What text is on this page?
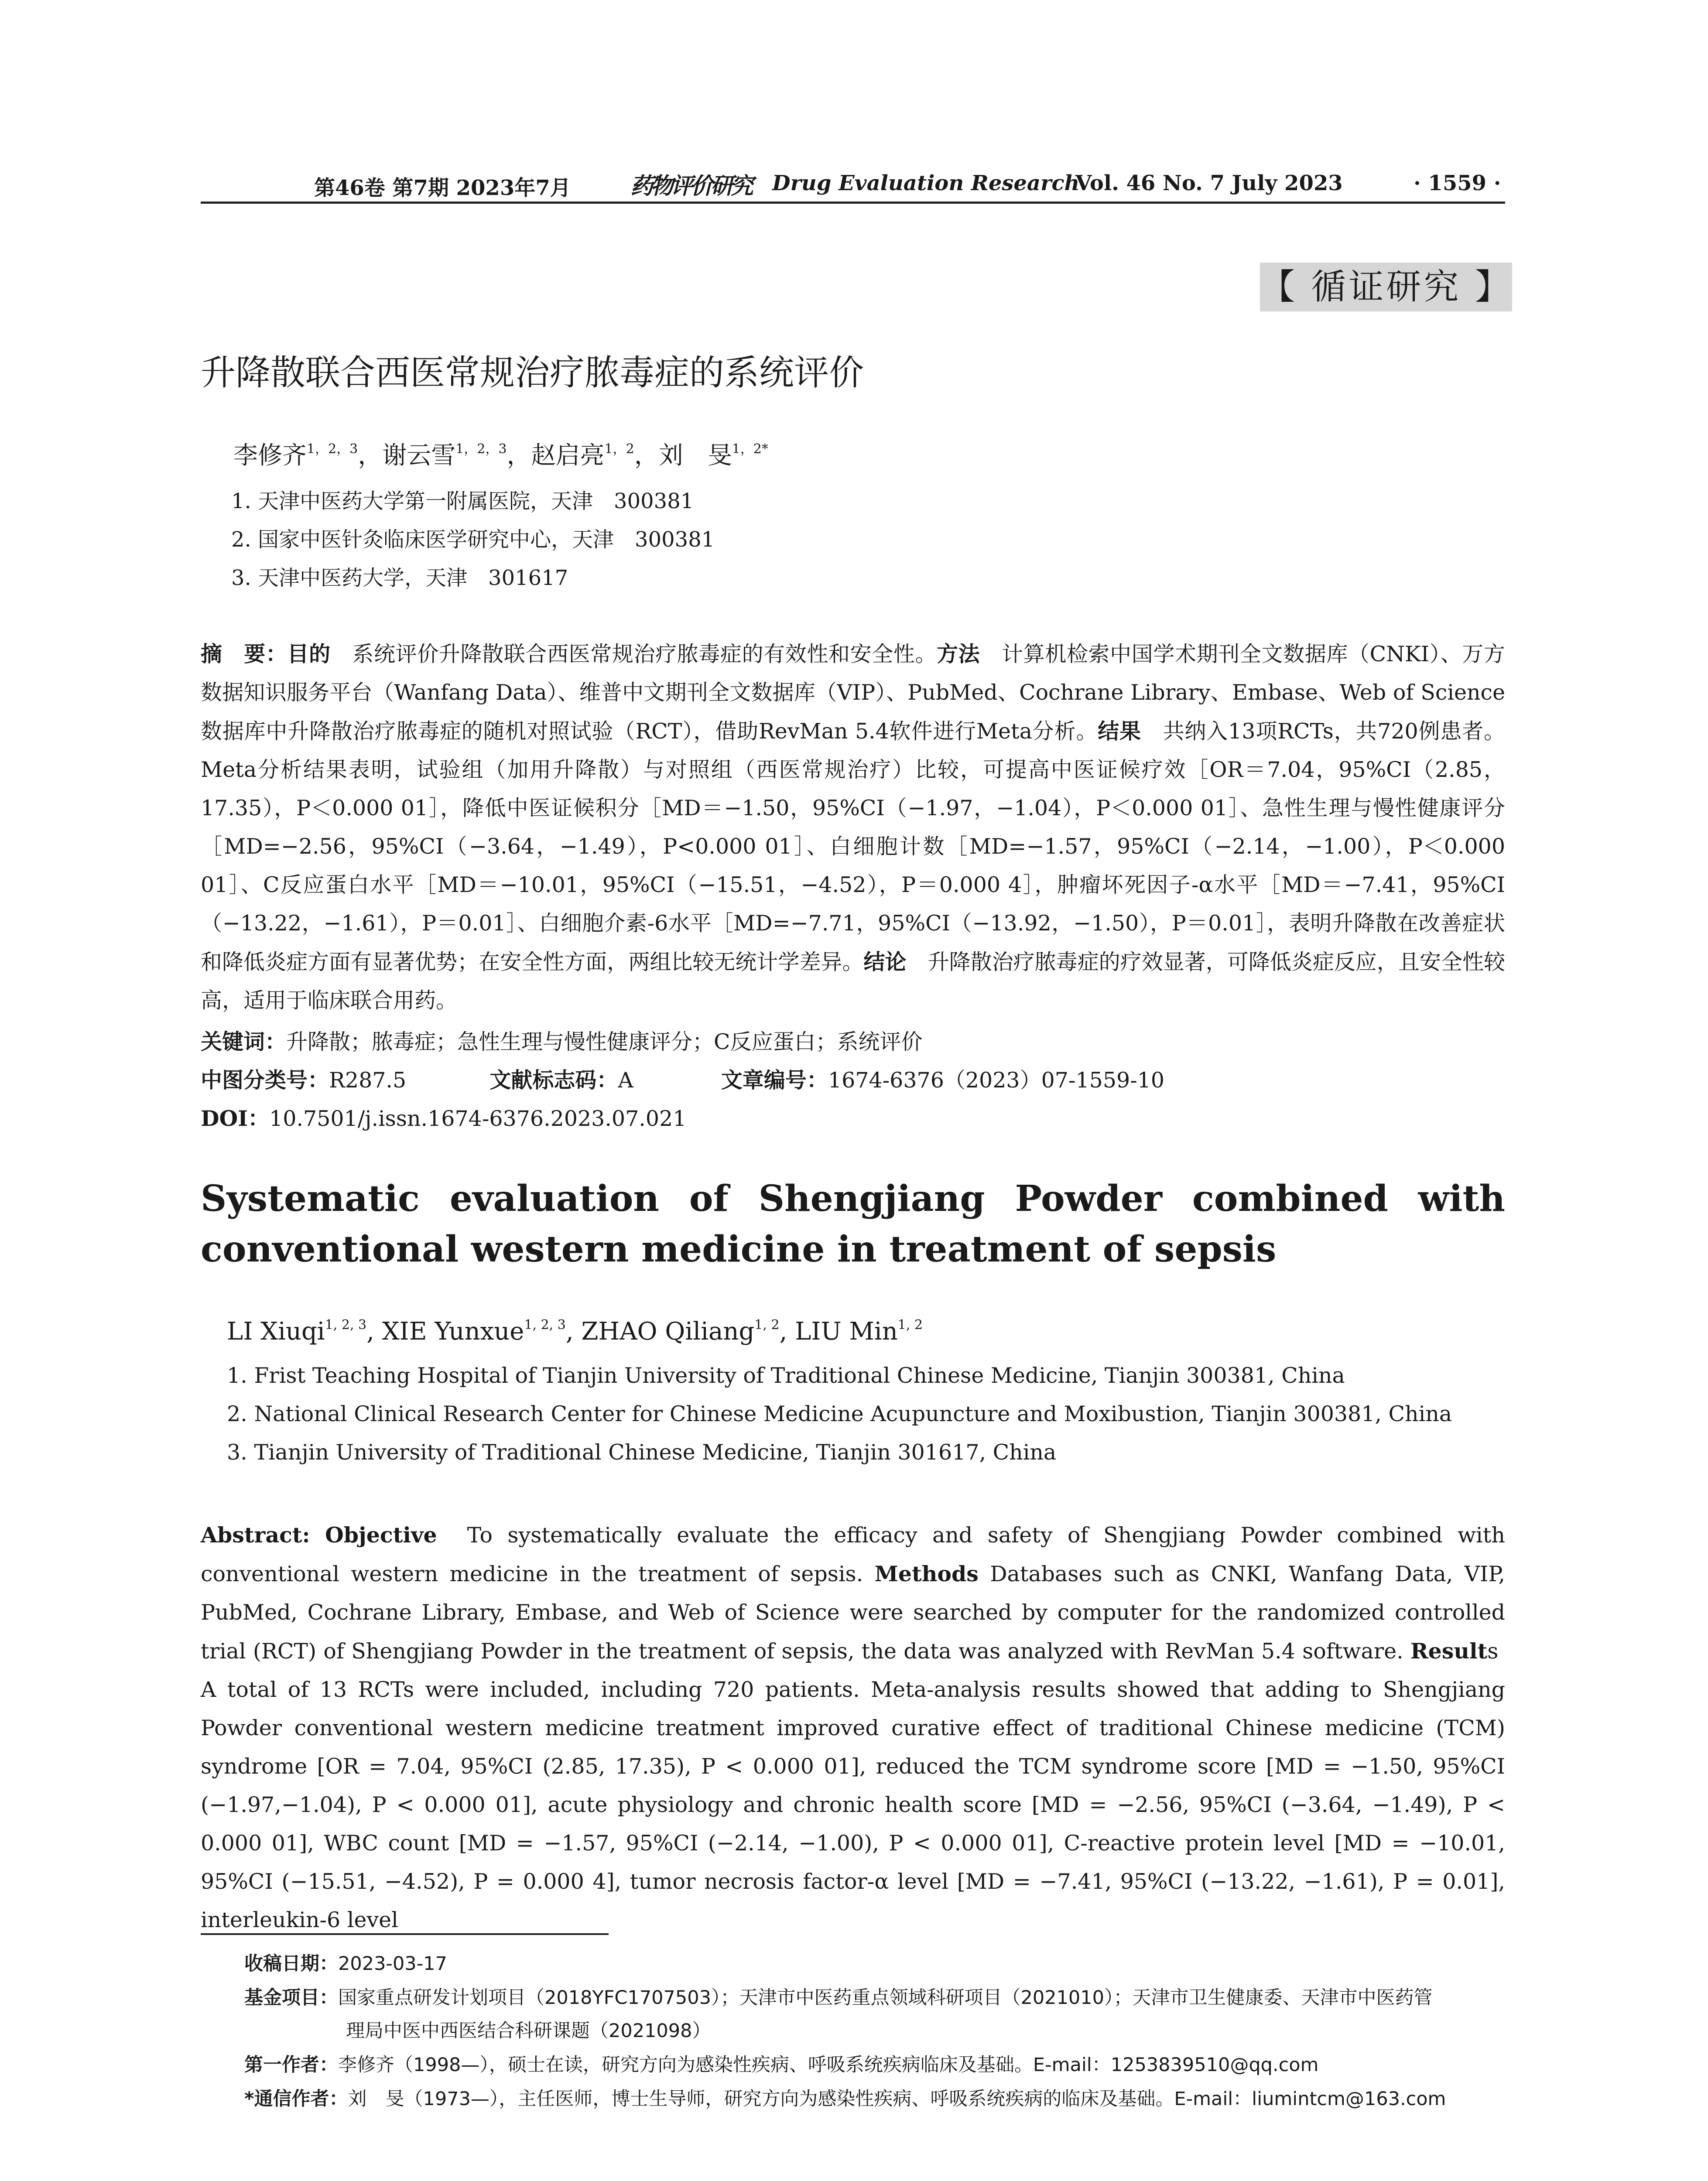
第46卷 第7期 2023年7月	药物评价研究 Drug Evaluation Research
Vol. 46 No. 7 July 2023	· 1559 ·
【 循证研究 】
升降散联合西医常规治疗脓毒症的系统评价
李修齐$^{1,2,3}$，谢云雪$^{1,2,3}$，赵启亮$^{1,2}$，刘　旻$^{1,2*}$
1. 天津中医药大学第一附属医院，天津　300381
2. 国家中医针灸临床医学研究中心，天津　300381
3. 天津中医药大学，天津　301617

摘　要：目的　 系统评价升降散联合西医常规治疗脓毒症的有效性和安全性。方法　 计算机检索中国学术期刊全文数据库（CNKI）、万方数据知识服务平台（Wanfang Data）、维普中文期刊全文数据库（VIP）、PubMed、Cochrane Library、Embase、Web of Science数据库中升降散治疗脓毒症的随机对照试验（RCT），借助RevMan 5.4软件进行Meta分析。结果　 共纳入13项RCTs，共720例患者。Meta分析结果表明，试验组（加用升降散）与对照组（西医常规治疗）比较，可提高中医证候疗效［OR＝7.04，95%CI（2.85，17.35），P＜0.000 01］，降低中医证候积分［MD＝−1.50，95%CI（−1.97，−1.04），P＜0.000 01］、急性生理与慢性健康评分［MD=−2.56，95%CI（−3.64，−1.49），P<0.000 01］、白细胞计数［MD=−1.57，95%CI（−2.14，−1.00），P＜0.000 01］、C反应蛋白水平［MD＝−10.01，95%CI（−15.51，−4.52），P＝0.000 4］，肿瘤坏死因子-α水平［MD＝−7.41，95%CI（−13.22，−1.61），P＝0.01］、白细胞介素-6水平［MD=−7.71，95%CI（−13.92，−1.50），P＝0.01］，表明升降散在改善症状和降低炎症方面有显著优势；在安全性方面，两组比较无统计学差异。结论　 升降散治疗脓毒症的疗效显著，可降低炎症反应，且安全性较高，适用于临床联合用药。

关键词：升降散；脓毒症；急性生理与慢性健康评分；C反应蛋白；系统评价
中图分类号：R287.5	文献标志码：A	文章编号：1674-6376（2023）07-1559-10
DOI：10.7501/j.issn.1674-6376.2023.07.021

Systematic evaluation of Shengjiang Powder combined with conventional western medicine in treatment of sepsis

LI Xiuqi$^{1, 2, 3}$, XIE Yunxue$^{1, 2, 3}$, ZHAO Qiliang$^{1, 2}$, LIU Min$^{1, 2}$
1. Frist Teaching Hospital of Tianjin University of Traditional Chinese Medicine, Tianjin 300381, China
2. National Clinical Research Center for Chinese Medicine Acupuncture and Moxibustion, Tianjin 300381, China
3. Tianjin University of Traditional Chinese Medicine, Tianjin 301617, China

Abstract: Objective To systematically evaluate the efficacy and safety of Shengjiang Powder combined with conventional western medicine in the treatment of sepsis. Methods Databases such as CNKI, Wanfang Data, VIP, PubMed, Cochrane Library, Embase, and Web of Science were searched by computer for the randomized controlled trial (RCT) of Shengjiang Powder in the treatment of sepsis, the data was analyzed with RevMan 5.4 software. Results  A total of 13 RCTs were included, including 720 patients. Meta-analysis results showed that adding to Shengjiang Powder conventional western medicine treatment improved curative effect of traditional Chinese medicine (TCM) syndrome [OR = 7.04, 95%CI (2.85, 17.35), P < 0.000 01], reduced the TCM syndrome score [MD = −1.50, 95%CI (−1.97,−1.04), P < 0.000 01], acute physiology and chronic health score [MD = −2.56, 95%CI (−3.64, −1.49), P < 0.000 01], WBC count [MD = −1.57, 95%CI (−2.14, −1.00), P < 0.000 01], C-reactive protein level [MD = −10.01, 95%CI (−15.51, −4.52), P = 0.000 4], tumor necrosis factor-α level [MD = −7.41, 95%CI (−13.22, −1.61), P = 0.01], interleukin-6 level

收稿日期：2023-03-17
基金项目：国家重点研发计划项目（2018YFC1707503）；天津市中医药重点领域科研项目（2021010）；天津市卫生健康委、天津市中医药管
理局中医中西医结合科研课题（2021098）
第一作者：李修齐（1998—），硕士在读，研究方向为感染性疾病、呼吸系统疾病临床及基础。E-mail：1253839510@qq.com
*通信作者：刘　旻（1973—），主任医师，博士生导师，研究方向为感染性疾病、呼吸系统疾病的临床及基础。E-mail：liumintcm@163.com
